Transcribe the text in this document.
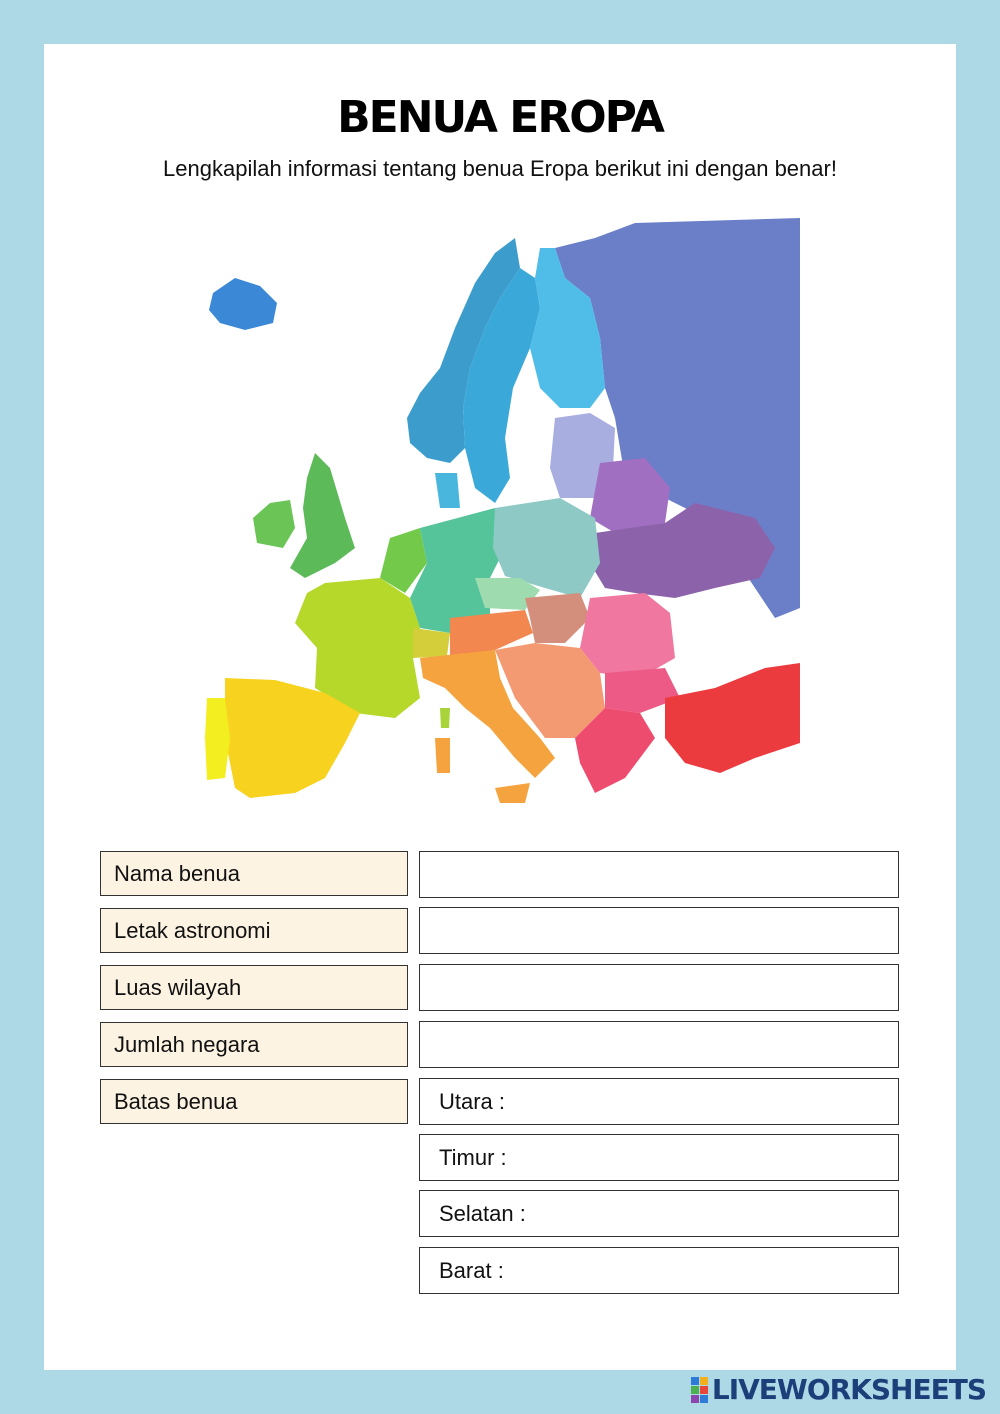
BENUA EROPA
Lengkapilah informasi tentang benua Eropa berikut ini dengan benar!
Nama benua
Letak astronomi
Luas wilayah
Jumlah negara
Batas benua	Utara :
Timur :
Selatan :
Barat :
LIVEWORKSHEETS
